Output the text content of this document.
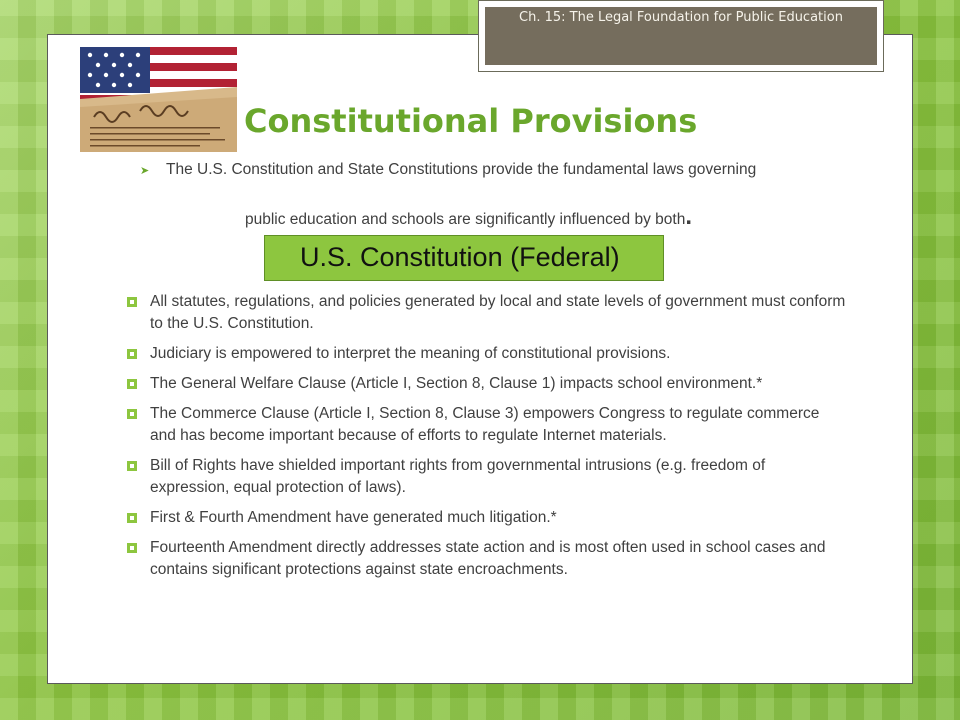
Ch. 15: The Legal Foundation for Public Education
Constitutional Provisions
➤ The U.S. Constitution and State Constitutions provide the fundamental laws governing
public education and schools are significantly influenced by both.
U.S. Constitution (Federal)
All statutes, regulations, and policies generated by local and state levels of government must conform to the U.S. Constitution.
Judiciary is empowered to interpret the meaning of constitutional provisions.
The General Welfare Clause (Article I, Section 8, Clause 1) impacts school environment.*
The Commerce Clause (Article I, Section 8, Clause 3) empowers Congress to regulate commerce and has become important because of efforts to regulate Internet materials.
Bill of Rights have shielded important rights from governmental intrusions (e.g. freedom of expression, equal protection of laws).
First & Fourth Amendment have generated much litigation.*
Fourteenth Amendment directly addresses state action and is most often used in school cases and contains significant protections against state encroachments.
